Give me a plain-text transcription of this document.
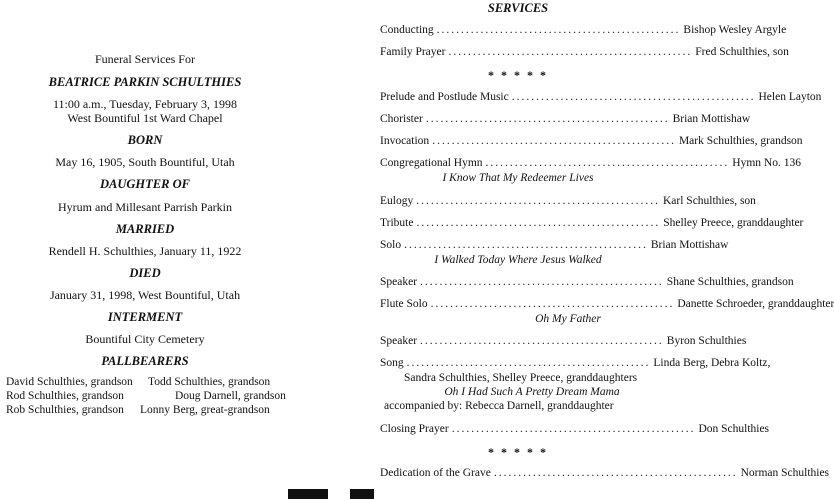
Funeral Services For
BEATRICE PARKIN SCHULTHIES
11:00 a.m., Tuesday, February 3, 1998
West Bountiful 1st Ward Chapel
BORN
May 16, 1905, South Bountiful, Utah
DAUGHTER OF
Hyrum and Millesant Parrish Parkin
MARRIED
Rendell H. Schulthies, January 11, 1922
DIED
January 31, 1998, West Bountiful, Utah
INTERMENT
Bountiful City Cemetery
PALLBEARERS
David Schulthies, grandson Todd Schulthies, grandson
Rod Schulthies, grandson	Doug Darnell, grandson
Rob Schulthies, grandson Lonny Berg, great-grandson
SERVICES
Conducting .................................................. Bishop Wesley Argyle
Family Prayer .................................................. Fred Schulthies, son
* * * * *
Prelude and Postlude Music .................................................. Helen Layton
Chorister .................................................. Brian Mottishaw
Invocation .................................................. Mark Schulthies, grandson
Congregational Hymn .................................................. Hymn No. 136
I Know That My Redeemer Lives
Eulogy .................................................. Karl Schulthies, son
Tribute .................................................. Shelley Preece, granddaughter
Solo .................................................. Brian Mottishaw
I Walked Today Where Jesus Walked
Speaker .................................................. Shane Schulthies, grandson
Flute Solo .................................................. Danette Schroeder, granddaughter
Oh My Father
Speaker .................................................. Byron Schulthies
Song .................................................. Linda Berg, Debra Koltz,
Sandra Schulthies, Shelley Preece, granddaughters
Oh I Had Such A Pretty Dream Mama
accompanied by: Rebecca Darnell, granddaughter
Closing Prayer .................................................. Don Schulthies
* * * * *
Dedication of the Grave .................................................. Norman Schulthies
